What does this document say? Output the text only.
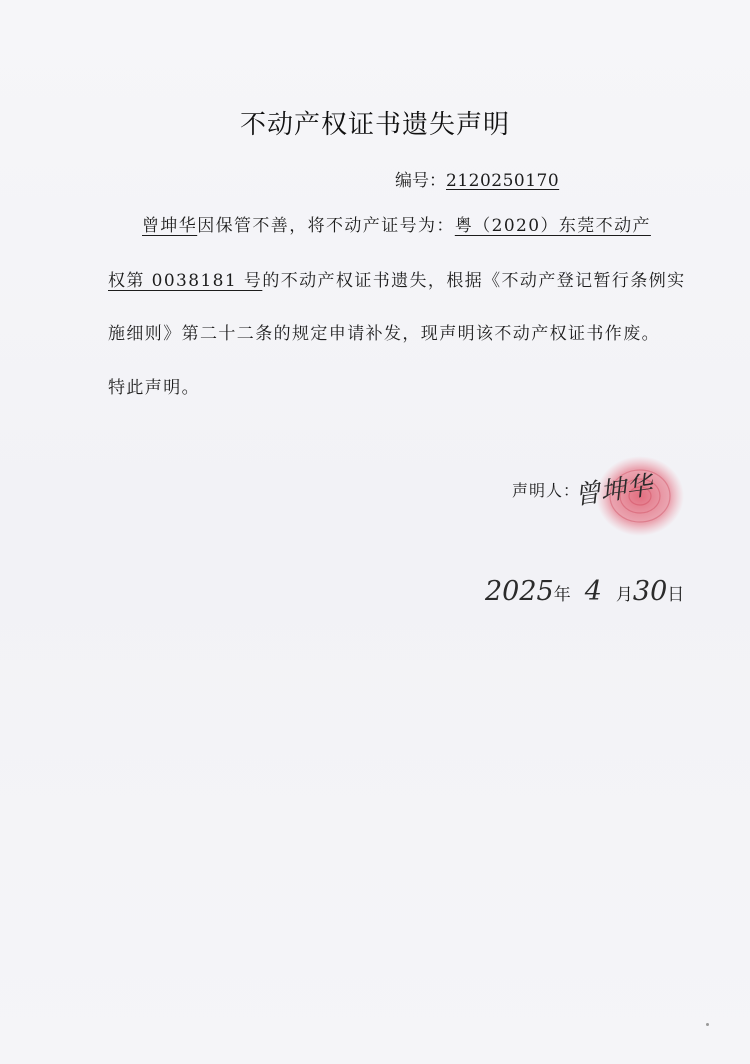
不动产权证书遗失声明
编号：2120250170
曾坤华因保管不善，将不动产证号为：粤（2020）东莞不动产
权第 0038181 号的不动产权证书遗失，根据《不动产登记暂行条例实
施细则》第二十二条的规定申请补发，现声明该不动产权证书作废。
特此声明。
声明人：
曾坤华
2025年 4 月30日
